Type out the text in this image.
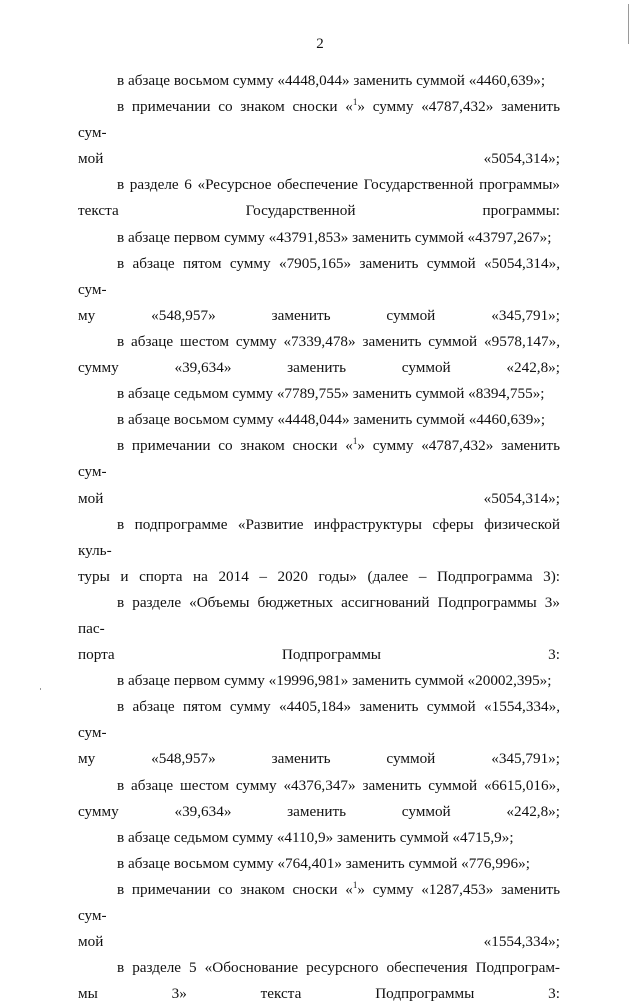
2
в абзаце восьмом сумму «4448,044» заменить суммой «4460,639»;
в примечании со знаком сноски «$^1$» сумму «4787,432» заменить сум-
мой «5054,314»;
в разделе 6 «Ресурсное обеспечение Государственной программы»
текста Государственной программы:
в абзаце первом сумму «43791,853» заменить суммой «43797,267»;
в абзаце пятом сумму «7905,165» заменить суммой «5054,314», сум-
му «548,957» заменить суммой «345,791»;
в абзаце шестом сумму «7339,478» заменить суммой «9578,147»,
сумму «39,634» заменить суммой «242,8»;
в абзаце седьмом сумму «7789,755» заменить суммой «8394,755»;
в абзаце восьмом сумму «4448,044» заменить суммой «4460,639»;
в примечании со знаком сноски «$^1$» сумму «4787,432» заменить сум-
мой «5054,314»;
в подпрограмме «Развитие инфраструктуры сферы физической куль-
туры и спорта на 2014 – 2020 годы» (далее – Подпрограмма 3):
в разделе «Объемы бюджетных ассигнований Подпрограммы 3» пас-
порта Подпрограммы 3:
в абзаце первом сумму «19996,981» заменить суммой «20002,395»;
в абзаце пятом сумму «4405,184» заменить суммой «1554,334», сум-
му «548,957» заменить суммой «345,791»;
в абзаце шестом сумму «4376,347» заменить суммой «6615,016»,
сумму «39,634» заменить суммой «242,8»;
в абзаце седьмом сумму «4110,9» заменить суммой «4715,9»;
в абзаце восьмом сумму «764,401» заменить суммой «776,996»;
в примечании со знаком сноски «$^1$» сумму «1287,453» заменить сум-
мой «1554,334»;
в разделе 5 «Обоснование ресурсного обеспечения Подпрограм-
мы 3» текста Подпрограммы 3:
